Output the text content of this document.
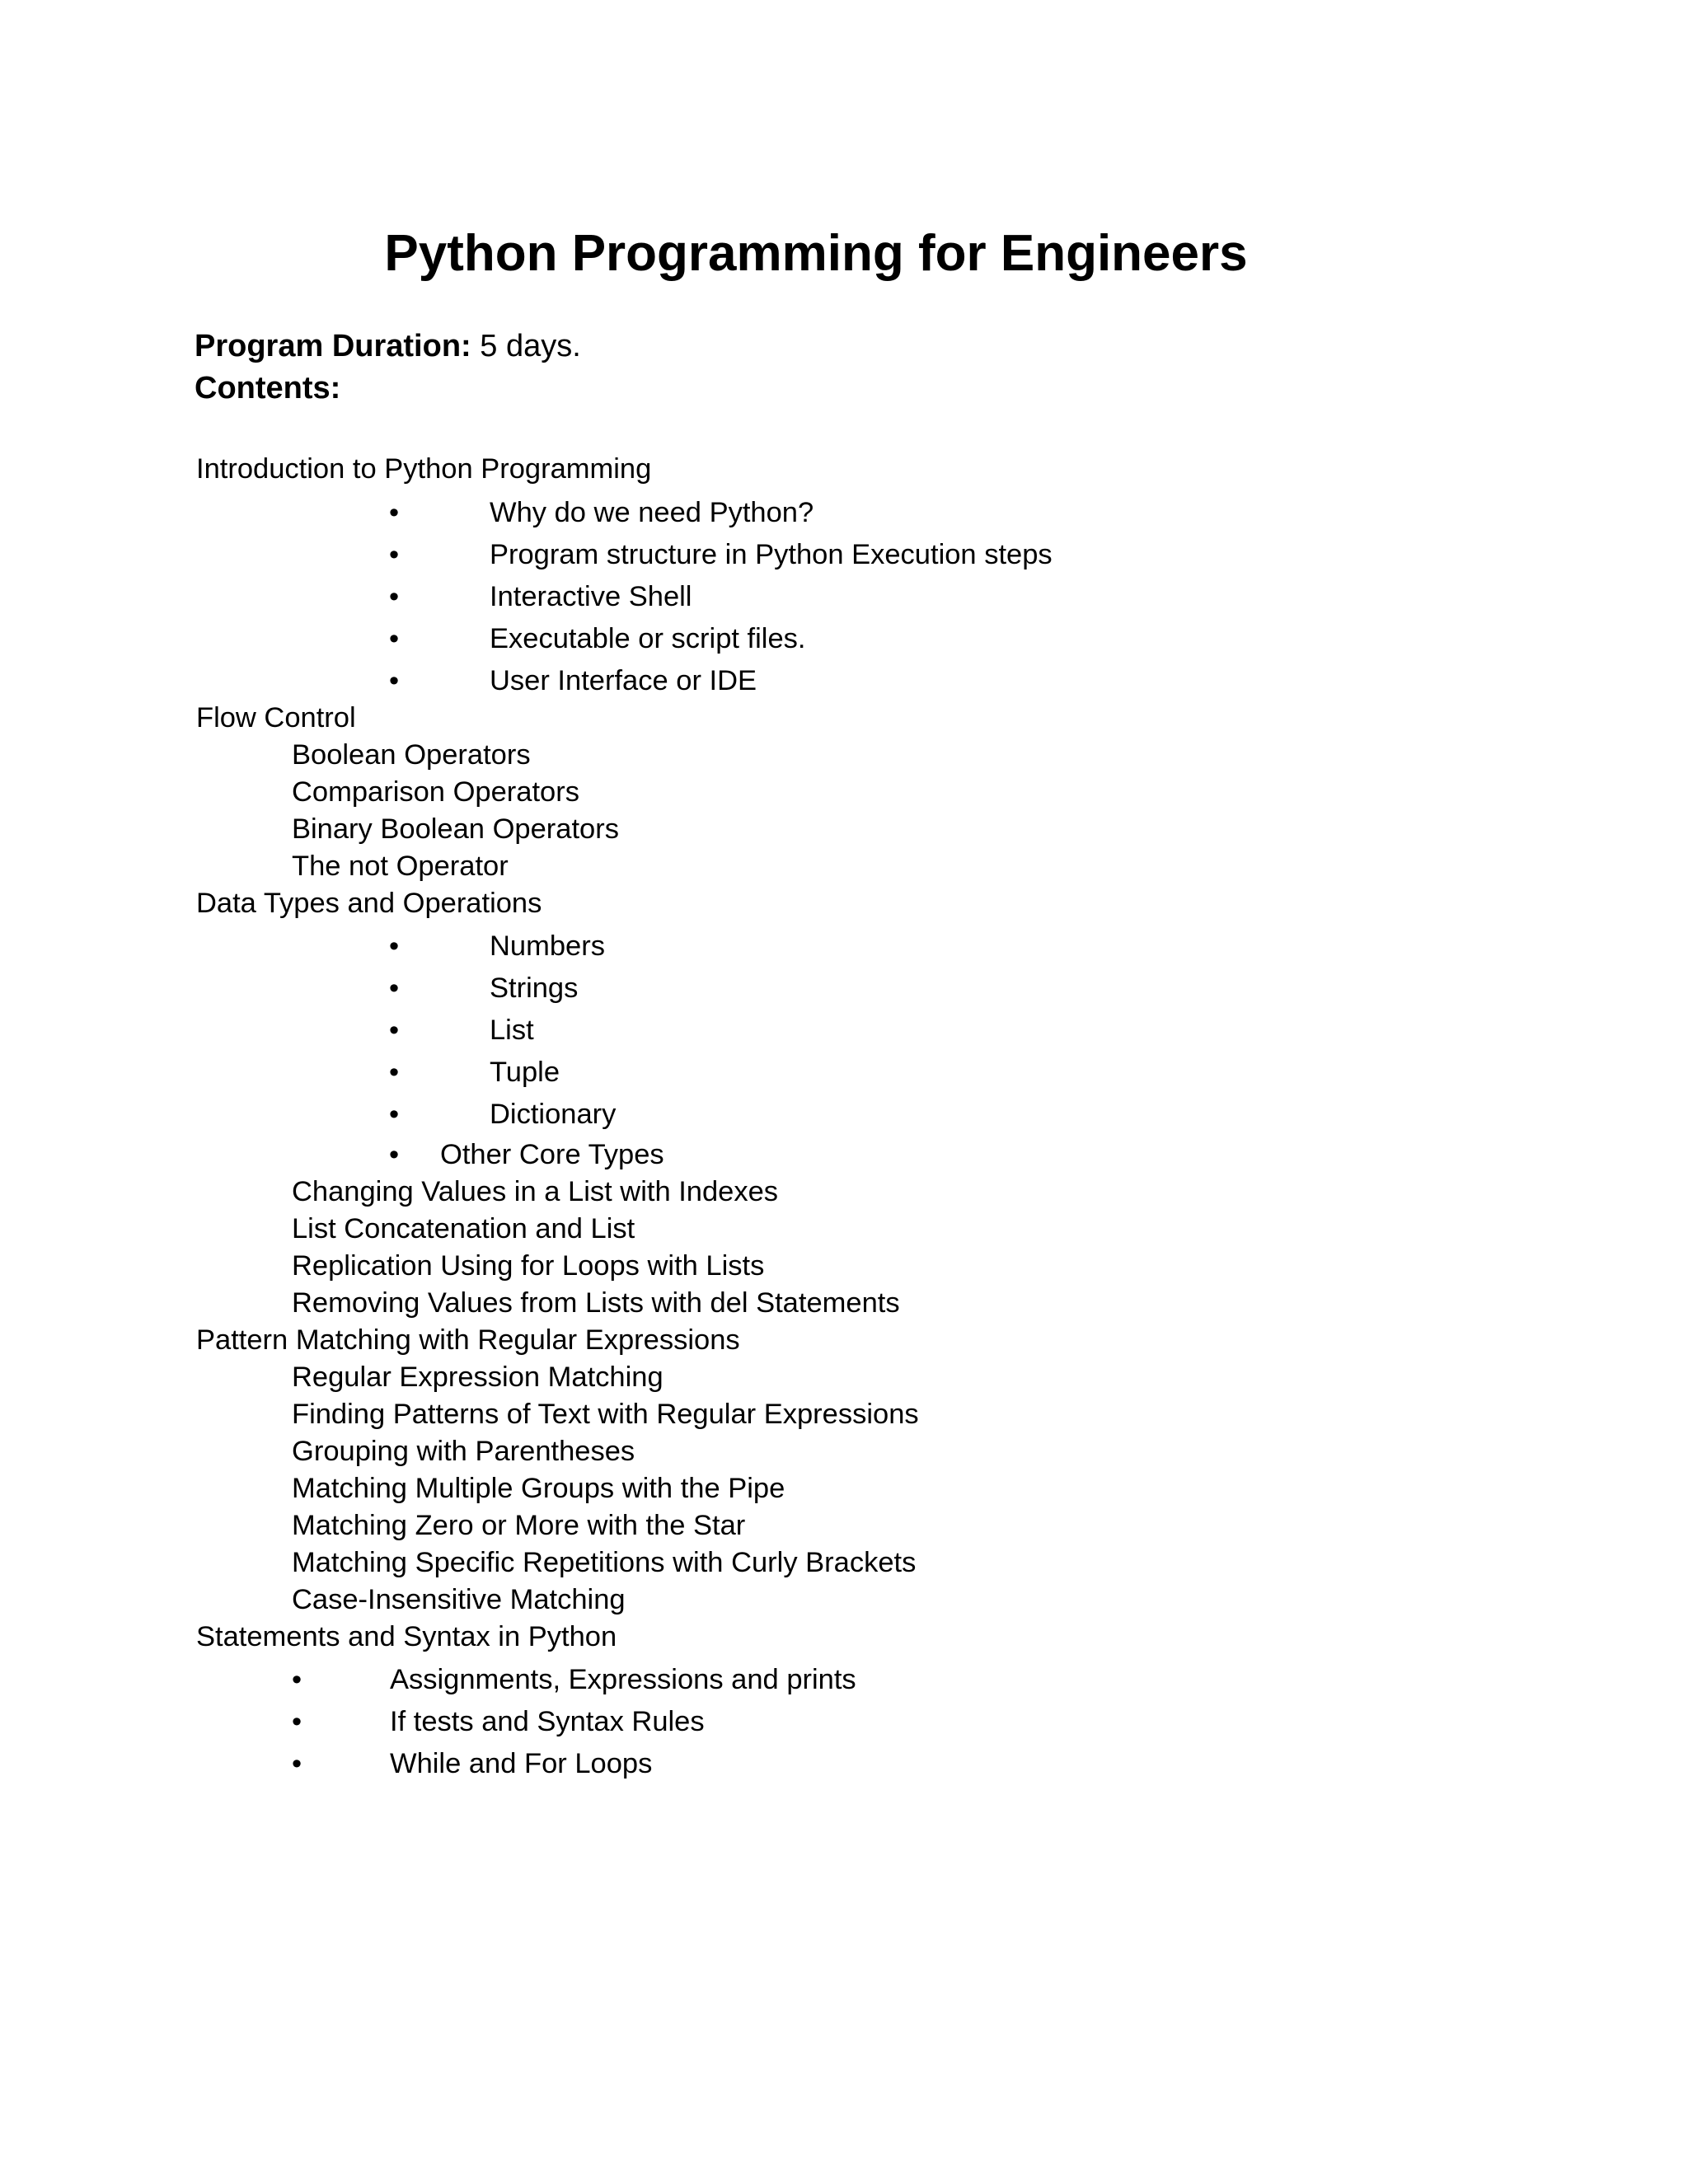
Python Programming for Engineers
Program Duration: 5 days.
Contents:
Introduction to Python Programming
•	Why do we need Python?
•	Program structure in Python Execution steps
•	Interactive Shell
•	Executable or script files.
•	User Interface or IDE
Flow Control
Boolean Operators
Comparison Operators
Binary Boolean Operators
The not Operator
Data Types and Operations
•	Numbers
•	Strings
•	List
•	Tuple
•	Dictionary
• Other Core Types
Changing Values in a List with Indexes
List Concatenation and List
Replication Using for Loops with Lists
Removing Values from Lists with del Statements
Pattern Matching with Regular Expressions
Regular Expression Matching
Finding Patterns of Text with Regular Expressions
Grouping with Parentheses
Matching Multiple Groups with the Pipe
Matching Zero or More with the Star
Matching Specific Repetitions with Curly Brackets
Case-Insensitive Matching
Statements and Syntax in Python
•	Assignments, Expressions and prints
•	If tests and Syntax Rules
•	While and For Loops
